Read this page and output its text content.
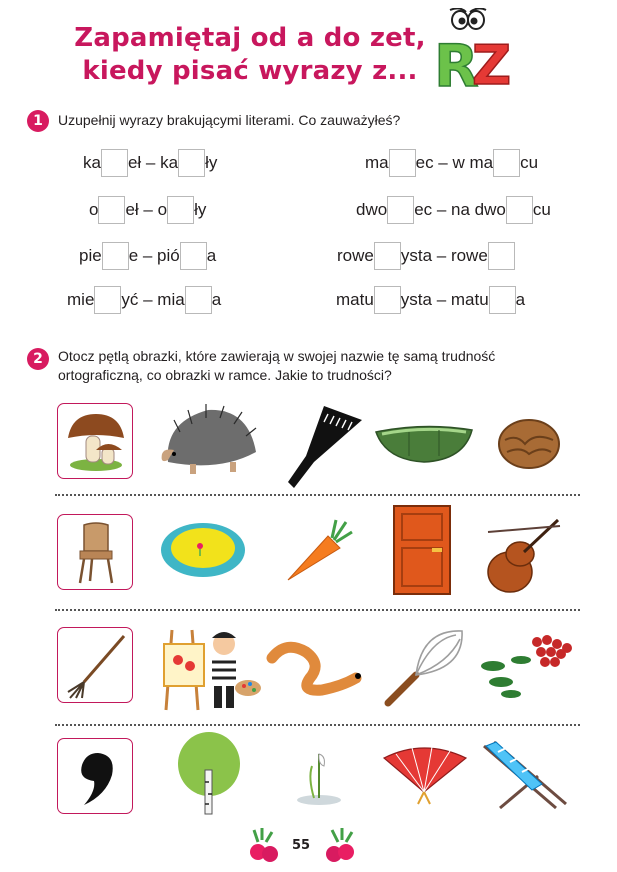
Zapamiętaj od a do zet,
kiedy pisać wyrazy z... R
Z
1	Uzupełnij wyrazy brakującymi literami. Co zauważyłeś?
ka eł – ka ły
o eł – o ły
pie e – pió a
mie yć – mia a
ma ec – w ma cu
dwo ec – na dwo cu
rowe ysta – rowe
matu ysta – matu a
2	Otocz pętlą obrazki, które zawierają w swojej nazwie tę samą trudność
ortograficzną, co obrazki w ramce. Jakie to trudności?
55
